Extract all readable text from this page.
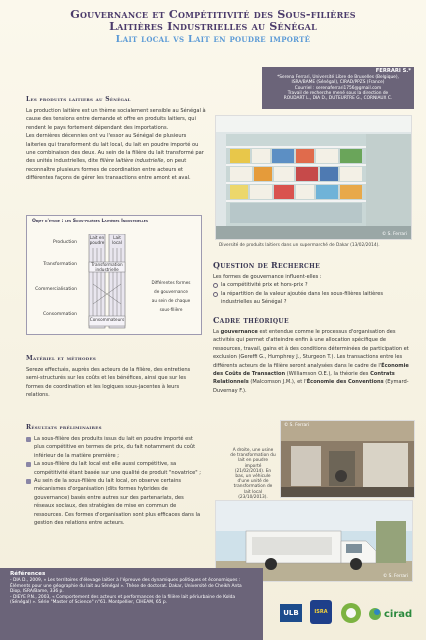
Gouvernance et Compétitivité des Sous-filières
Laitières Industrielles au Sénégal
Lait local vs Lait en poudre importé
FERRARI S.*
*Serena Ferrari, Université Libre de Bruxelles (Belgique),
ISRA/BAME (Sénégal), CIRAD/PPZS (France)
Courriel : serenaferrari1756@gmail.com
Travail de recherche mené sous la direction de
ROUDART L., DIA D., DUTEURTRE G., CORNIAUX C.
Les produits laitiers au Sénégal
La production laitière est un thème socialement sensible au Sénégal à cause des tensions entre demande et offre en produits laitiers, qui rendent le pays fortement dépendant des importations.
Les dernières décennies ont vu l'essor au Sénégal de plusieurs laiteries qui transforment du lait local, du lait en poudre importé ou une combinaison des deux. Au sein de la filière du lait transformé par des unités industrielles, dite filière laitière industrielle, on peut reconnaître plusieurs formes de coordination entre acteurs et différentes façons de gérer les transactions entre amont et aval.
Objet d'étude : les Sous-filières Laitières Industrielles
Production
Transformation
Commercialisation
Consommation
Lait en poudre
Lait local
Transformation industrielle
Consommateurs
Différentes formes
de gouvernance
au sein de chaque
sous-filière
Matériel et méthodes
Sereze effectués, auprès des acteurs de la filière, des entretiens semi-structurés sur les coûts et les bénéfices, ainsi que sur les formes de coordination et les logiques sous-jacentes à leurs relations.
Résultats préliminaires
La sous-filière des produits issus du lait en poudre importé est plus compétitive en termes de prix, du fait notamment du coût inférieur de la matière première ;
La sous-filière du lait local est elle aussi compétitive, sa compétitivité étant basée sur une qualité de produit "novatrice" ;
Au sein de la sous-filière du lait local, on observe certains mécanismes d'organisation (dits formes hybrides de gouvernance) basés entre autres sur des partenariats, des réseaux sociaux, des stratégies de mise en commun de ressources. Ces formes d'organisation sont plus efficaces dans la gestion des relations entre acteurs.
© S. Ferrari
Diversité de produits laitiers dans un supermarché de Dakar (13/02/2014).
Question de Recherche
Les formes de gouvernance influent-elles :
la compétitivité prix et hors-prix ?
la répartition de la valeur ajoutée dans les sous-filières laitières industrielles au Sénégal ?
Cadre théorique
La gouvernance est entendue comme le processus d'organisation des activités qui permet d'atteindre enfin à une allocation spécifique de ressources, travail, gains et à des conditions déterminées de participation et exclusion (Gereffi G., Humphrey J., Sturgeon T.). Les transactions entre les différents acteurs de la filière seront analysées dans le cadre de l'Économie des Coûts de Transaction (Williamson O.E.), la théorie des Contrats Relationnels (Malcomson J.M.), et l'Économie des Conventions (Eymard-Duvernay F.).
© S. Ferrari
A droite, une usine de transformation du lait en poudre importé (21/02/2014). En bas, un véhicule d'une unité de transformation de lait local (23/10/2013).
© S. Ferrari
Références
- DIA D., 2009, « Les territoires d'élevage laitier à l'épreuve des dynamiques politiques et économiques : Éléments pour une géographie du lait au Sénégal ». Thèse de doctorat. Dakar, Université de Cheikh Anta Diop, ISRA/Bame, 336 p.
- DIEYE P.N., 2003, « Comportement des acteurs et performances de la filière lait périurbaine de Kolda (Sénégal) ». Série "Master of Science" n°61. Montpellier, CIHEAM, 65 p.
ULB	ISRA	cirad
